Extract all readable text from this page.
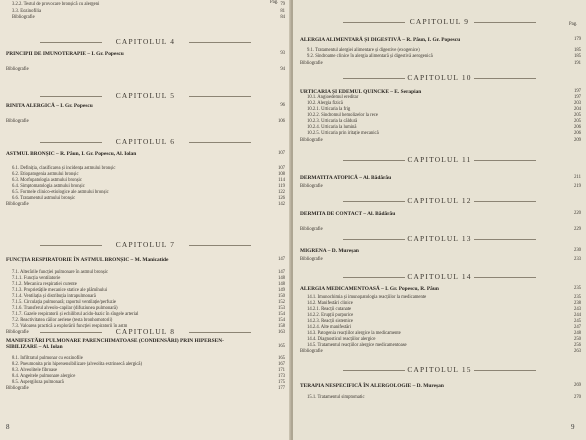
Pag.
3.2.2. Testul de provocare bronșică cu alergeni	79
3.3. Eozinofilia	81
Bibliografie	84
CAPITOLUL 4
PRINCIPII DE IMUNOTERAPIE – I. Gr. Popescu	93
Bibliografie	94
CAPITOLUL 5
RINITA ALERGICĂ – I. Gr. Popescu	96
Bibliografie	106
CAPITOLUL 6
ASTMUL BRONȘIC – R. Păun, I. Gr. Popescu, Al. Iolan	107
6.1. Definiția, clasificarea și incidența astmului bronșic	107
6.2. Etiopatogenia astmului bronșic	108
6.3. Morfopatologia astmului bronșic	114
6.4. Simptomatologia astmului bronșic	119
6.5. Formele clinico-etiologice ale astmului bronșic	122
6.6. Tratamentul astmului bronșic	126
Bibliografie	142
CAPITOLUL 7
FUNCȚIA RESPIRATORIE ÎN ASTMUL BRONȘIC – M. Manicatide	147
7.1. Alterările funcției pulmonare în astmul bronșic	147
7.1.1. Funcția ventilatorie	148
7.1.2. Mecanica respiratiei curente	148
7.1.3. Proprietățile mecanice statice ale plămînului	149
7.1.4. Ventilația și distribuția intrapulmonară	150
7.1.5. Circulația pulmonară; raportul ventilație/perfuzie	152
7.1.6. Transferul alveolo-capilar (difuziunea pulmonară)	153
7.1.7. Gazele respiratorii și echilibrul acido-bazic în sîngele arterial	154
7.2. Reactivitatea căilor aeriene (testa bronhomotorii)	154
7.3. Valoarea practică a explorării funcției respiratorii în astm	158
Bibliografie	163
CAPITOLUL 8
MANIFESTĂRI PULMONARE PARENCHIMATOASE (CONDENSĂRI) PRIN HIPERSEN-
SIBILIZARE – Al. Iolan	165
8.1. Infiltratul pulmonar cu eozinofile	165
8.2. Pneumonita prin hipersensibilizare (alveolita extrinsecă alergică)	167
8.3. Alveolitele fibroase	171
8.4. Angeitele pulmonare alergice	173
8.5. Aspergiloza pulmonară	175
Bibliografie	177
8
Pag.
CAPITOLUL 9
ALERGIA ALIMENTARĂ ȘI DIGESTIVĂ – R. Păun, I. Gr. Popescu	179
9.1. Tratamentul alergiei alimentare și digestive (exogenice)	185
9.2. Sindroame clinice în alergia alimentară și digestivă aerogenică	185
Bibliografie	191
CAPITOLUL 10
URTICARIA ȘI EDEMUL QUINCKE – E. Serapian	197
10.1. Angioedemul ereditar	197
10.2. Alergia fizică	203
10.2.1. Urticaria la frig	204
10.2.2. Sindromul hemolizelor la rece	205
10.2.3. Urticaria la căldură	205
10.2.4. Urticaria la lumină	206
10.2.5. Urticaria prin iritație mecanică	206
Bibliografie	209
CAPITOLUL 11
DERMATITA ATOPICĂ – Al. Bădărău	211
Bibliografie	219
CAPITOLUL 12
DERMITA DE CONTACT – Al. Bădărău	220
Bibliografie	229
CAPITOLUL 13
MIGRENA – D. Mureșan	230
Bibliografie	233
CAPITOLUL 14
ALERGIA MEDICAMENTOASĂ – I. Gr. Popescu, R. Păun	235
14.1. Imunochimia și imunopatologia reacțiilor la medicamente	235
14.2. Manifestări clinice	238
14.2.1. Reacții cutanate	243
14.2.2. Erupții purpurice	244
14.2.3. Reacții sistemice	245
14.2.4. Alte manifestări	247
14.3. Patogenia reacțiilor alergice la medicamente	248
14.4. Diagnosticul reacțiilor alergice	250
14.5. Tratamentul reacțiilor alergice medicamentoase	256
Bibliografie	263
CAPITOLUL 15
TERAPIA NESPECIFICĂ ÎN ALERGOLOGIE – D. Mureșan	269
15.1. Tratamentul simptomatic	270
9
